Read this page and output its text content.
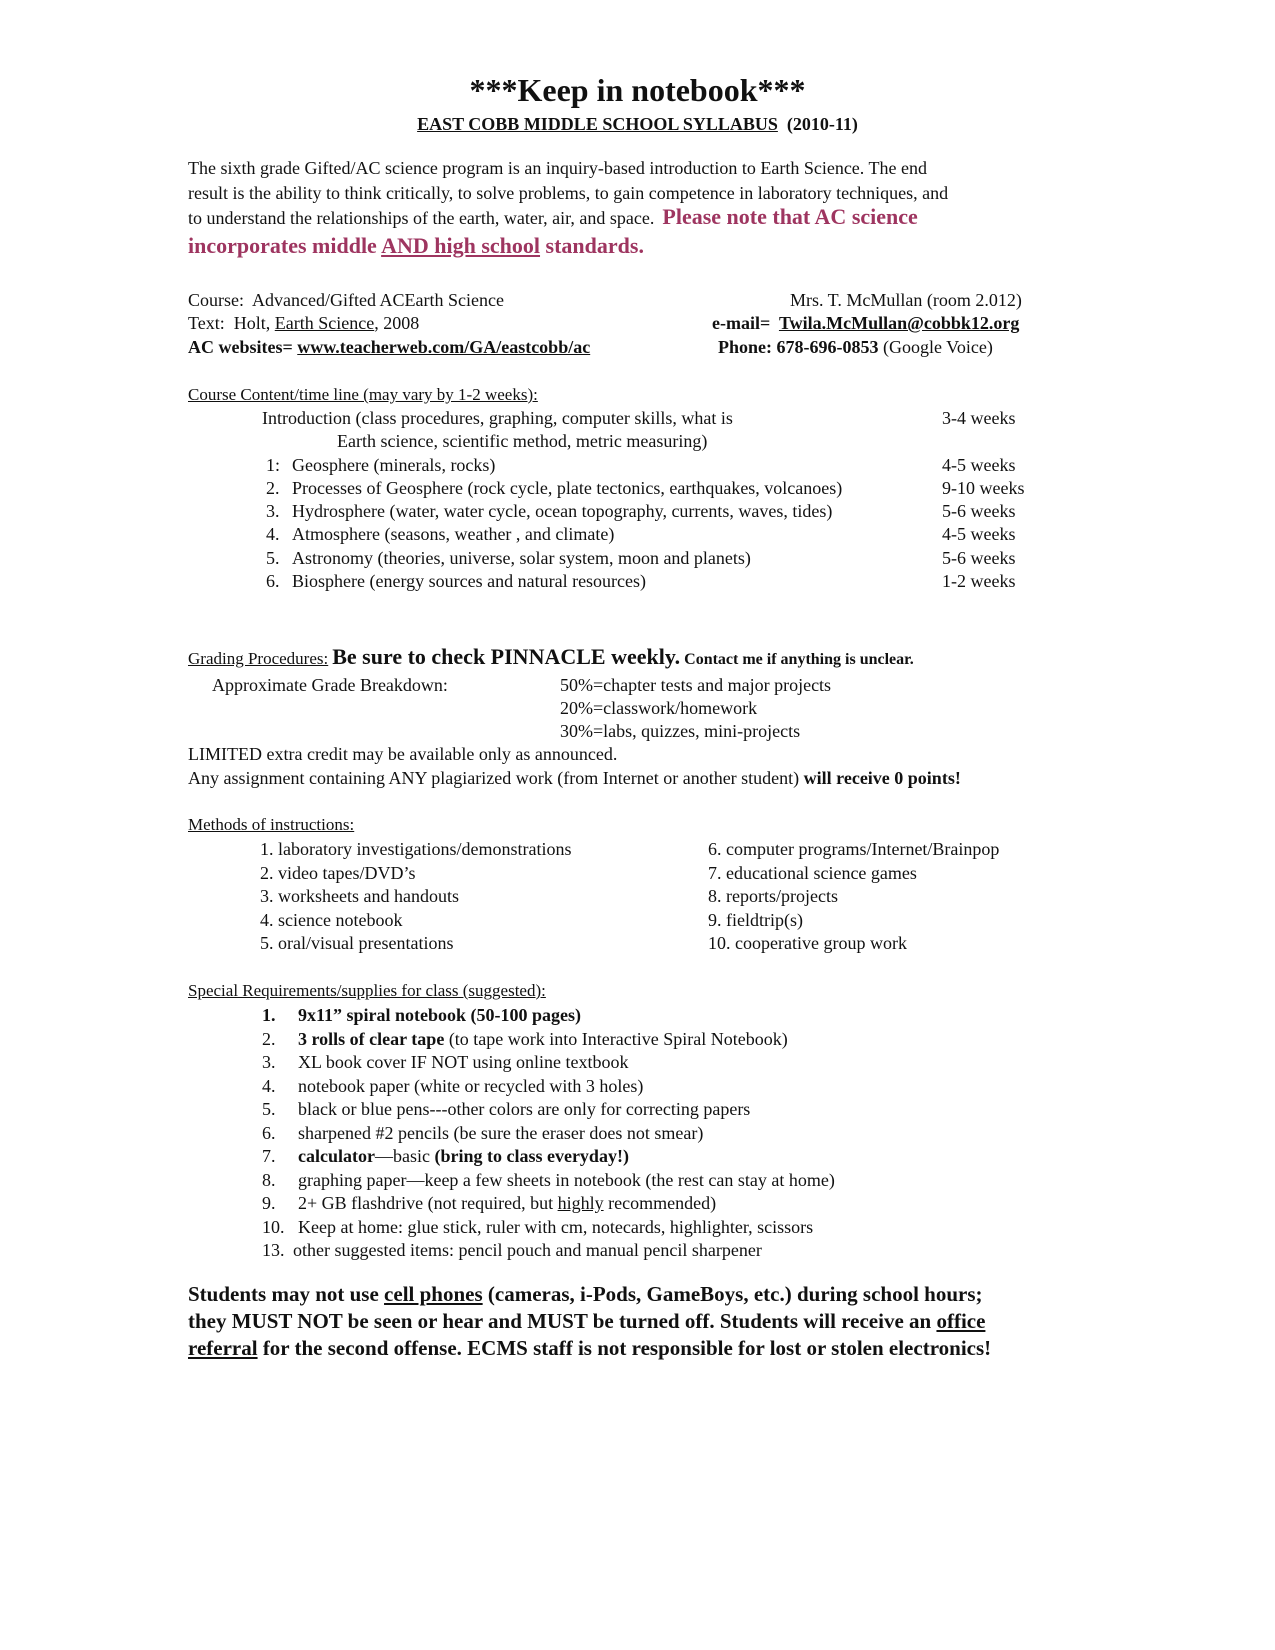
***Keep in notebook***
EAST COBB MIDDLE SCHOOL SYLLABUS (2010-11)
The sixth grade Gifted/AC science program is an inquiry-based introduction to Earth Science. The end
result is the ability to think critically, to solve problems, to gain competence in laboratory techniques, and
to understand the relationships of the earth, water, air, and space. Please note that AC science
incorporates middle AND high school standards.
Course: Advanced/Gifted ACEarth Science
Text: Holt, Earth Science, 2008
AC websites= www.teacherweb.com/GA/eastcobb/ac
Mrs. T. McMullan (room 2.012)
e-mail= Twila.McMullan@cobbk12.org
Phone: 678-696-0853 (Google Voice)
Course Content/time line (may vary by 1-2 weeks):
Introduction (class procedures, graphing, computer skills, what is	3-4 weeks
Earth science, scientific method, metric measuring)
1: Geosphere (minerals, rocks)	4-5 weeks
2. Processes of Geosphere (rock cycle, plate tectonics, earthquakes, volcanoes)	9-10 weeks
3. Hydrosphere (water, water cycle, ocean topography, currents, waves, tides)	5-6 weeks
4. Atmosphere (seasons, weather , and climate)	4-5 weeks
5. Astronomy (theories, universe, solar system, moon and planets)	5-6 weeks
6. Biosphere (energy sources and natural resources)	1-2 weeks
Grading Procedures: Be sure to check PINNACLE weekly. Contact me if anything is unclear.
Approximate Grade Breakdown:	50%=chapter tests and major projects
20%=classwork/homework
30%=labs, quizzes, mini-projects
LIMITED extra credit may be available only as announced.
Any assignment containing ANY plagiarized work (from Internet or another student) will receive 0 points!
Methods of instructions:
1. laboratory investigations/demonstrations
2. video tapes/DVD’s
3. worksheets and handouts
4. science notebook
5. oral/visual presentations
6. computer programs/Internet/Brainpop
7. educational science games
8. reports/projects
9. fieldtrip(s)
10. cooperative group work
Special Requirements/supplies for class (suggested):
1. 9x11” spiral notebook (50-100 pages)
2. 3 rolls of clear tape (to tape work into Interactive Spiral Notebook)
3. XL book cover IF NOT using online textbook
4. notebook paper (white or recycled with 3 holes)
5. black or blue pens---other colors are only for correcting papers
6. sharpened #2 pencils (be sure the eraser does not smear)
7. calculator—basic (bring to class everyday!)
8. graphing paper—keep a few sheets in notebook (the rest can stay at home)
9. 2+ GB flashdrive (not required, but highly recommended)
10. Keep at home: glue stick, ruler with cm, notecards, highlighter, scissors
13. other suggested items: pencil pouch and manual pencil sharpener
Students may not use cell phones (cameras, i-Pods, GameBoys, etc.) during school hours;
they MUST NOT be seen or hear and MUST be turned off. Students will receive an office
referral for the second offense. ECMS staff is not responsible for lost or stolen electronics!
